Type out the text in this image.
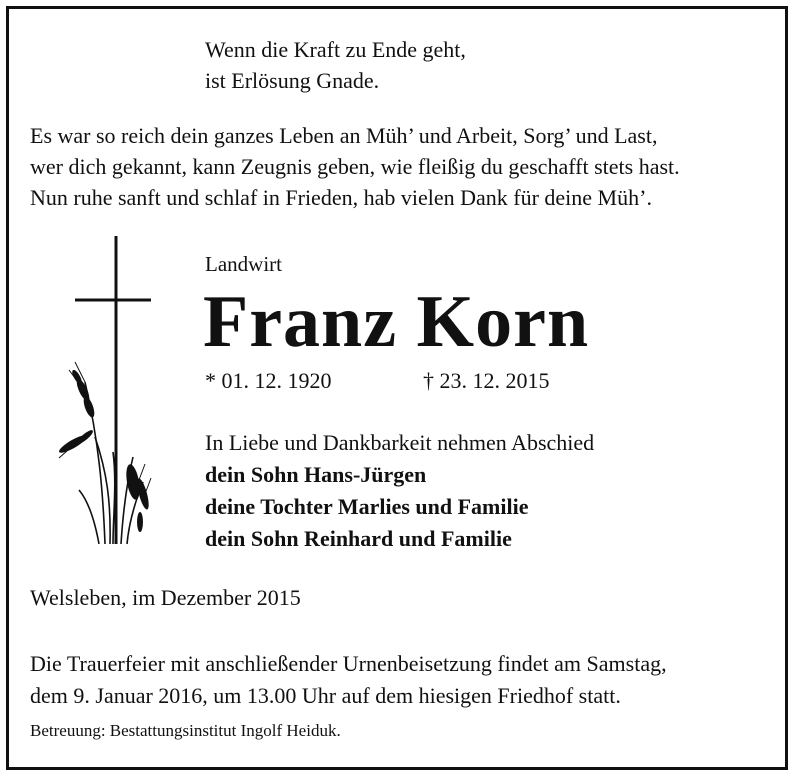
Wenn die Kraft zu Ende geht,
ist Erlösung Gnade.
Es war so reich dein ganzes Leben an Müh’ und Arbeit, Sorg’ und Last,
wer dich gekannt, kann Zeugnis geben, wie fleißig du geschafft stets hast.
Nun ruhe sanft und schlaf in Frieden, hab vielen Dank für deine Müh’.
Landwirt
Franz Korn
* 01. 12. 1920	† 23. 12. 2015
In Liebe und Dankbarkeit nehmen Abschied
dein Sohn Hans-Jürgen
deine Tochter Marlies und Familie
dein Sohn Reinhard und Familie
Welsleben, im Dezember 2015
Die Trauerfeier mit anschließender Urnenbeisetzung findet am Samstag,
dem 9. Januar 2016, um 13.00 Uhr auf dem hiesigen Friedhof statt.
Betreuung: Bestattungsinstitut Ingolf Heiduk.
